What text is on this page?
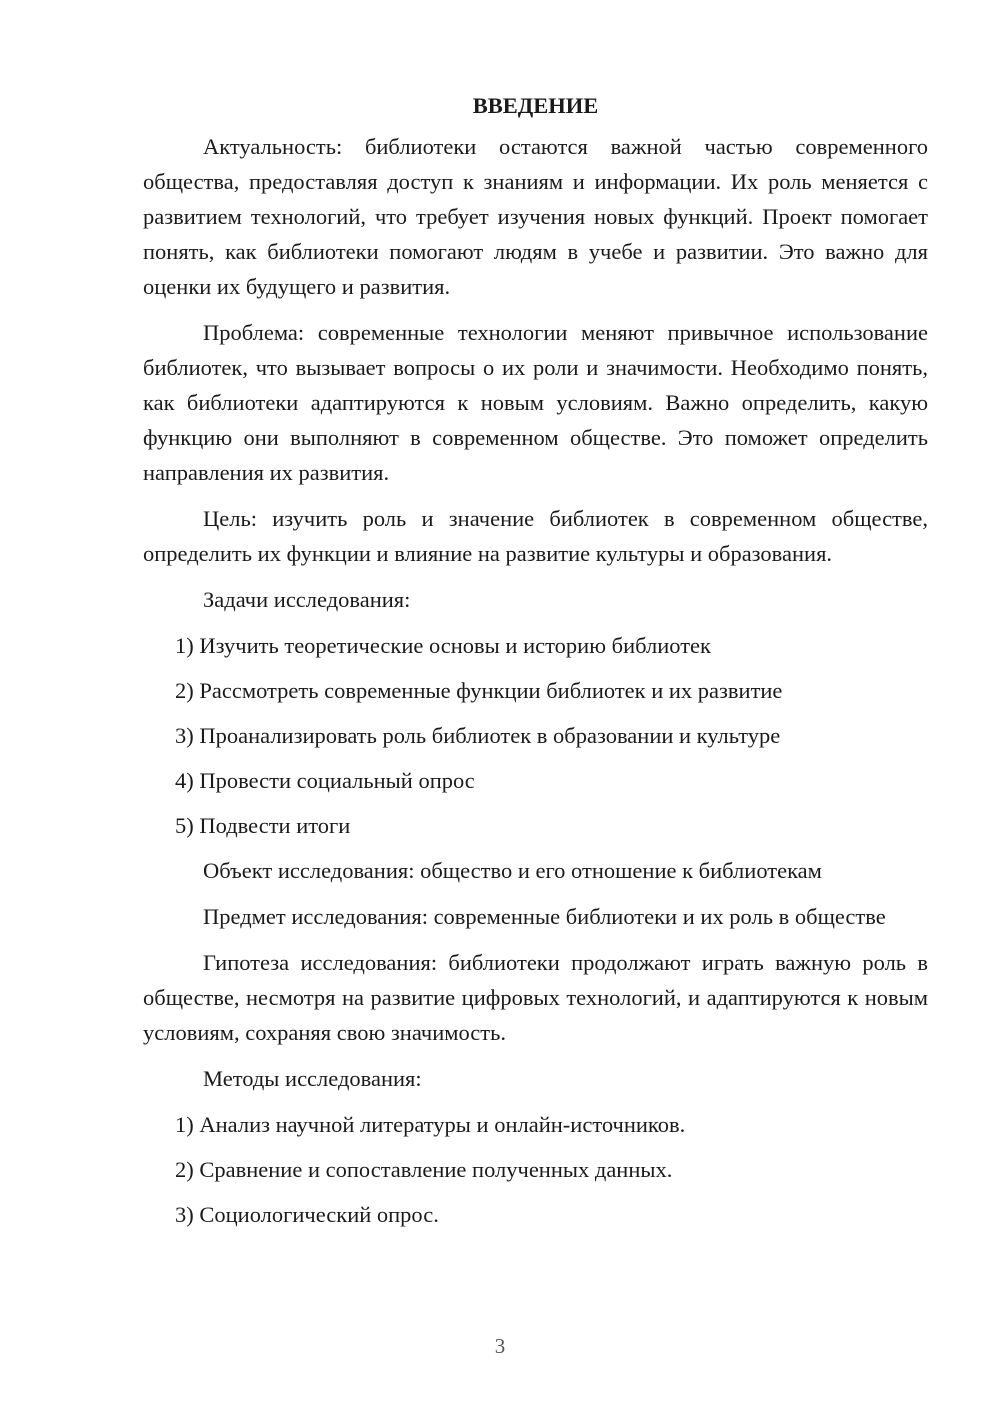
ВВЕДЕНИЕ

Актуальность: библиотеки остаются важной частью современного общества, предоставляя доступ к знаниям и информации. Их роль меняется с развитием технологий, что требует изучения новых функций. Проект помогает понять, как библиотеки помогают людям в учебе и развитии. Это важно для оценки их будущего и развития.

Проблема: современные технологии меняют привычное использование библиотек, что вызывает вопросы о их роли и значимости. Необходимо понять, как библиотеки адаптируются к новым условиям. Важно определить, какую функцию они выполняют в современном обществе. Это поможет определить направления их развития.

Цель: изучить роль и значение библиотек в современном обществе, определить их функции и влияние на развитие культуры и образования.

Задачи исследования:

1) Изучить теоретические основы и историю библиотек
2) Рассмотреть современные функции библиотек и их развитие
3) Проанализировать роль библиотек в образовании и культуре
4) Провести социальный опрос
5) Подвести итоги

Объект исследования: общество и его отношение к библиотекам

Предмет исследования: современные библиотеки и их роль в обществе

Гипотеза исследования: библиотеки продолжают играть важную роль в обществе, несмотря на развитие цифровых технологий, и адаптируются к новым условиям, сохраняя свою значимость.

Методы исследования:

1) Анализ научной литературы и онлайн-источников.
2) Сравнение и сопоставление полученных данных.
3) Социологический опрос.
3
